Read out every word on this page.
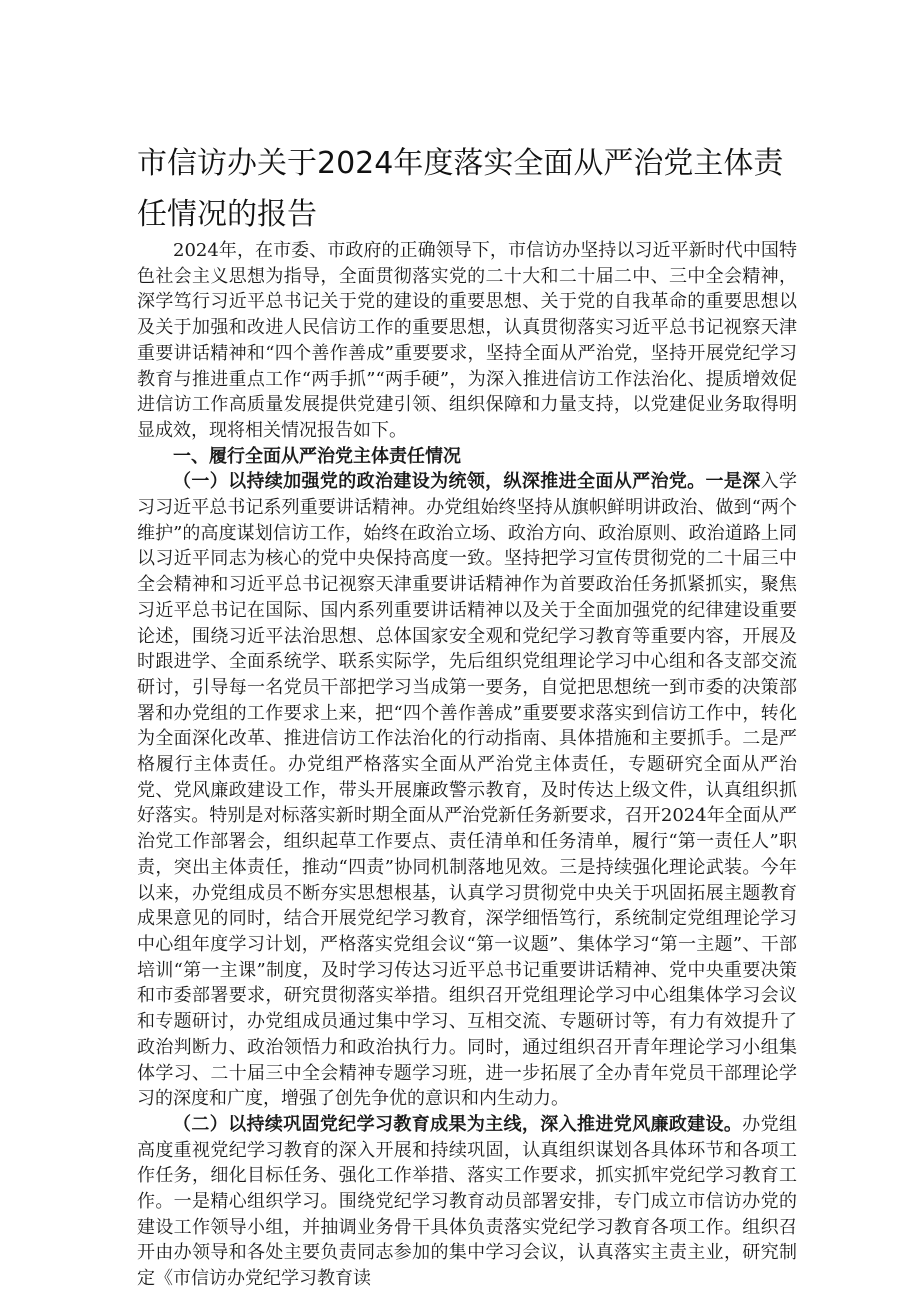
市信访办关于2024年度落实全面从严治党主体责任情况的报告

2024年，在市委、市政府的正确领导下，市信访办坚持以习近平新时代中国特色社会主义思想为指导，全面贯彻落实党的二十大和二十届二中、三中全会精神，深学笃行习近平总书记关于党的建设的重要思想、关于党的自我革命的重要思想以及关于加强和改进人民信访工作的重要思想，认真贯彻落实习近平总书记视察天津重要讲话精神和“四个善作善成”重要要求，坚持全面从严治党，坚持开展党纪学习教育与推进重点工作“两手抓”“两手硬”，为深入推进信访工作法治化、提质增效促进信访工作高质量发展提供党建引领、组织保障和力量支持，以党建促业务取得明显成效，现将相关情况报告如下。

一、履行全面从严治党主体责任情况

（一）以持续加强党的政治建设为统领，纵深推进全面从严治党。一是深入学习习近平总书记系列重要讲话精神。办党组始终坚持从旗帜鲜明讲政治、做到“两个维护”的高度谋划信访工作，始终在政治立场、政治方向、政治原则、政治道路上同以习近平同志为核心的党中央保持高度一致。坚持把学习宣传贯彻党的二十届三中全会精神和习近平总书记视察天津重要讲话精神作为首要政治任务抓紧抓实，聚焦习近平总书记在国际、国内系列重要讲话精神以及关于全面加强党的纪律建设重要论述，围绕习近平法治思想、总体国家安全观和党纪学习教育等重要内容，开展及时跟进学、全面系统学、联系实际学，先后组织党组理论学习中心组和各支部交流研讨，引导每一名党员干部把学习当成第一要务，自觉把思想统一到市委的决策部署和办党组的工作要求上来，把“四个善作善成”重要要求落实到信访工作中，转化为全面深化改革、推进信访工作法治化的行动指南、具体措施和主要抓手。二是严格履行主体责任。办党组严格落实全面从严治党主体责任，专题研究全面从严治党、党风廉政建设工作，带头开展廉政警示教育，及时传达上级文件，认真组织抓好落实。特别是对标落实新时期全面从严治党新任务新要求，召开2024年全面从严治党工作部署会，组织起草工作要点、责任清单和任务清单，履行“第一责任人”职责，突出主体责任，推动“四责”协同机制落地见效。三是持续强化理论武装。今年以来，办党组成员不断夯实思想根基，认真学习贯彻党中央关于巩固拓展主题教育成果意见的同时，结合开展党纪学习教育，深学细悟笃行，系统制定党组理论学习中心组年度学习计划，严格落实党组会议“第一议题”、集体学习“第一主题”、干部培训“第一主课”制度，及时学习传达习近平总书记重要讲话精神、党中央重要决策和市委部署要求，研究贯彻落实举措。组织召开党组理论学习中心组集体学习会议和专题研讨，办党组成员通过集中学习、互相交流、专题研讨等，有力有效提升了政治判断力、政治领悟力和政治执行力。同时，通过组织召开青年理论学习小组集体学习、二十届三中全会精神专题学习班，进一步拓展了全办青年党员干部理论学习的深度和广度，增强了创先争优的意识和内生动力。

（二）以持续巩固党纪学习教育成果为主线，深入推进党风廉政建设。办党组高度重视党纪学习教育的深入开展和持续巩固，认真组织谋划各具体环节和各项工作任务，细化目标任务、强化工作举措、落实工作要求，抓实抓牢党纪学习教育工作。一是精心组织学习。围绕党纪学习教育动员部署安排，专门成立市信访办党的建设工作领导小组，并抽调业务骨干具体负责落实党纪学习教育各项工作。组织召开由办领导和各处主要负责同志参加的集中学习会议，认真落实主责主业，研究制定《市信访办党纪学习教育读
